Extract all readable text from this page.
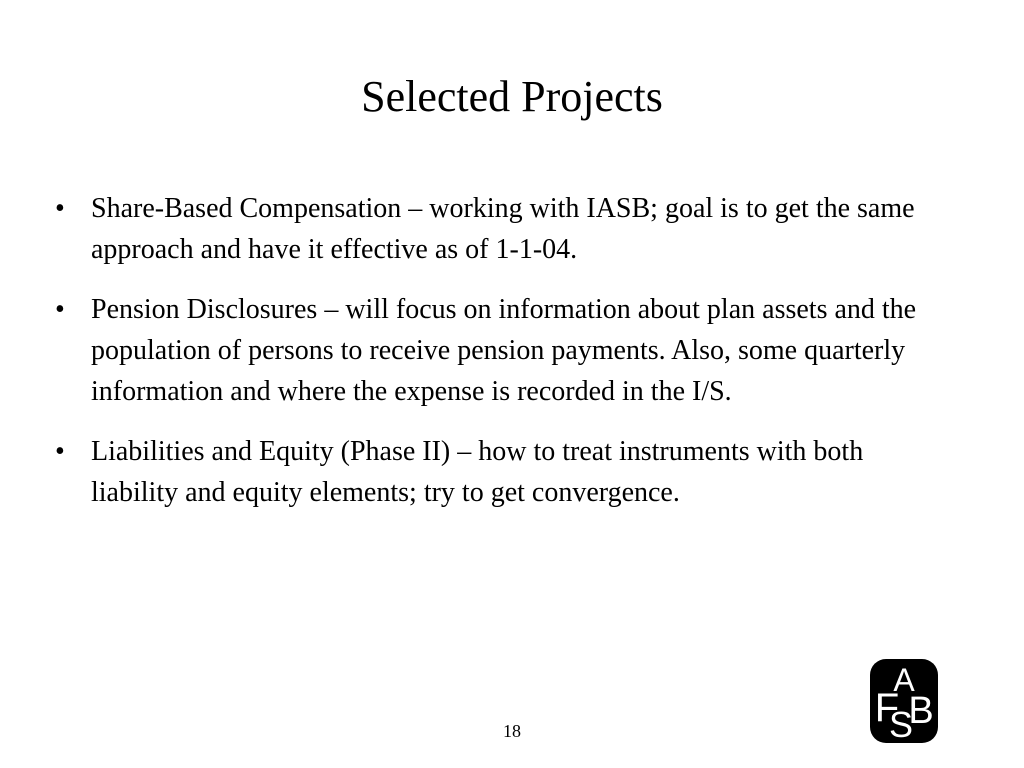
Selected Projects
• Share-Based Compensation – working with IASB; goal is to get the same approach and have it effective as of 1-1-04.
• Pension Disclosures – will focus on information about plan assets and the population of persons to receive pension payments. Also, some quarterly information and where the expense is recorded in the I/S.
• Liabilities and Equity (Phase II) – how to treat instruments with both liability and equity elements; try to get convergence.
18
F
A
S
B
